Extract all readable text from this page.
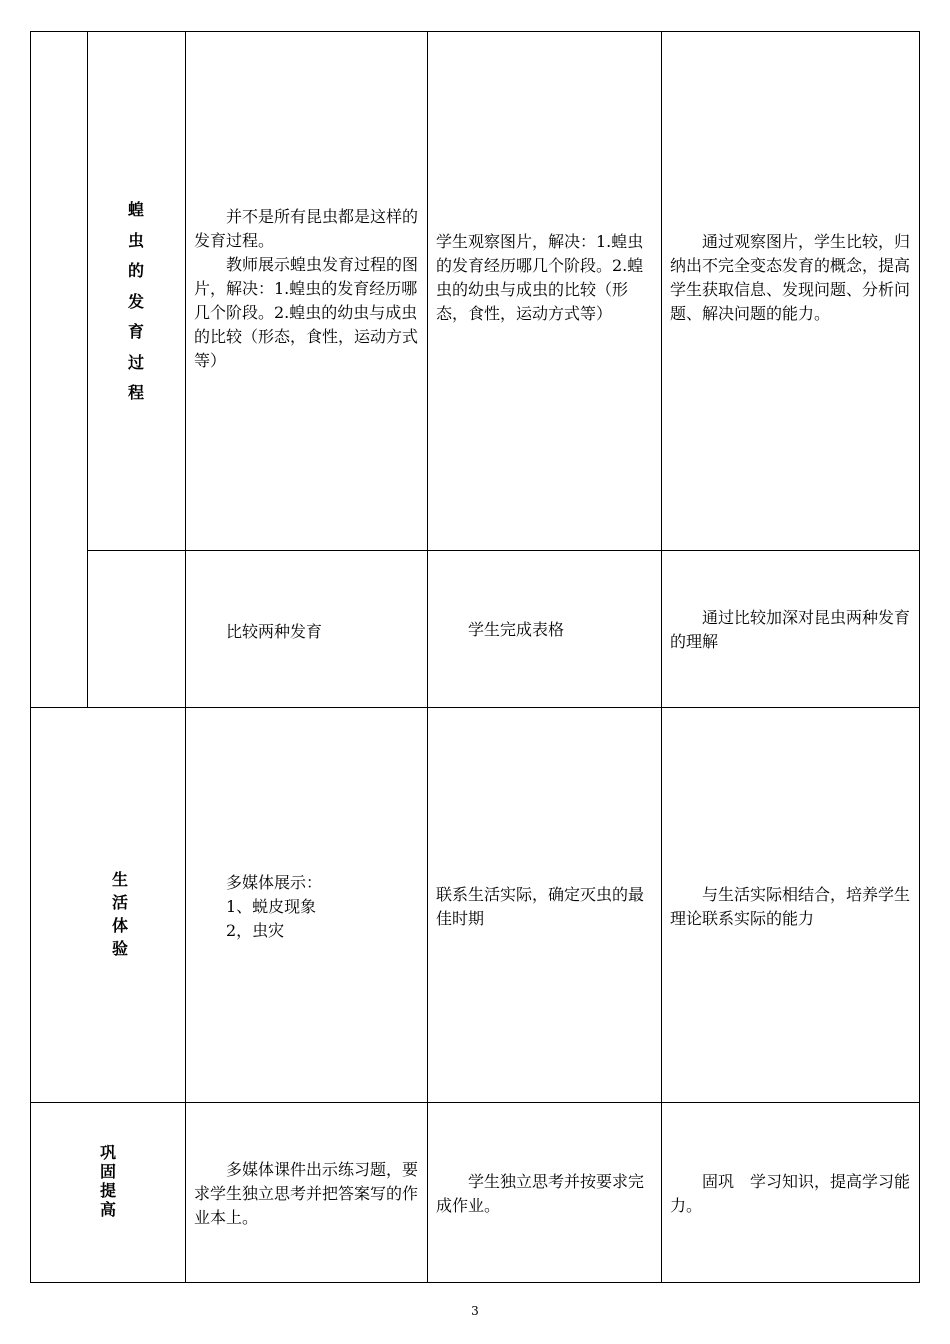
蝗
虫
的
发
育
过
程

并不是所有昆虫都是这样的发育过程。

教师展示蝗虫发育过程的图片，解决：1.蝗虫的发育经历哪几个阶段。2.蝗虫的幼虫与成虫的比较（形态，食性，运动方式等）

学生观察图片，解决：1.蝗虫的发育经历哪几个阶段。2.蝗虫的幼虫与成虫的比较（形态，食性，运动方式等）

通过观察图片，学生比较，归纳出不完全变态发育的概念，提高学生获取信息、发现问题、分析问题、解决问题的能力。

比较两种发育	学生完成表格

通过比较加深对昆虫两种发育的理解

生
活
体
验

多媒体展示：

1、蜕皮现象

2，虫灾

联系生活实际，确定灭虫的最佳时期

与生活实际相结合，培养学生理论联系实际的能力

巩
固
提
高

多媒体课件出示练习题，要求学生独立思考并把答案写的作业本上。

学生独立思考并按要求完成作业。

固巩　学习知识，提高学习能力。

3
